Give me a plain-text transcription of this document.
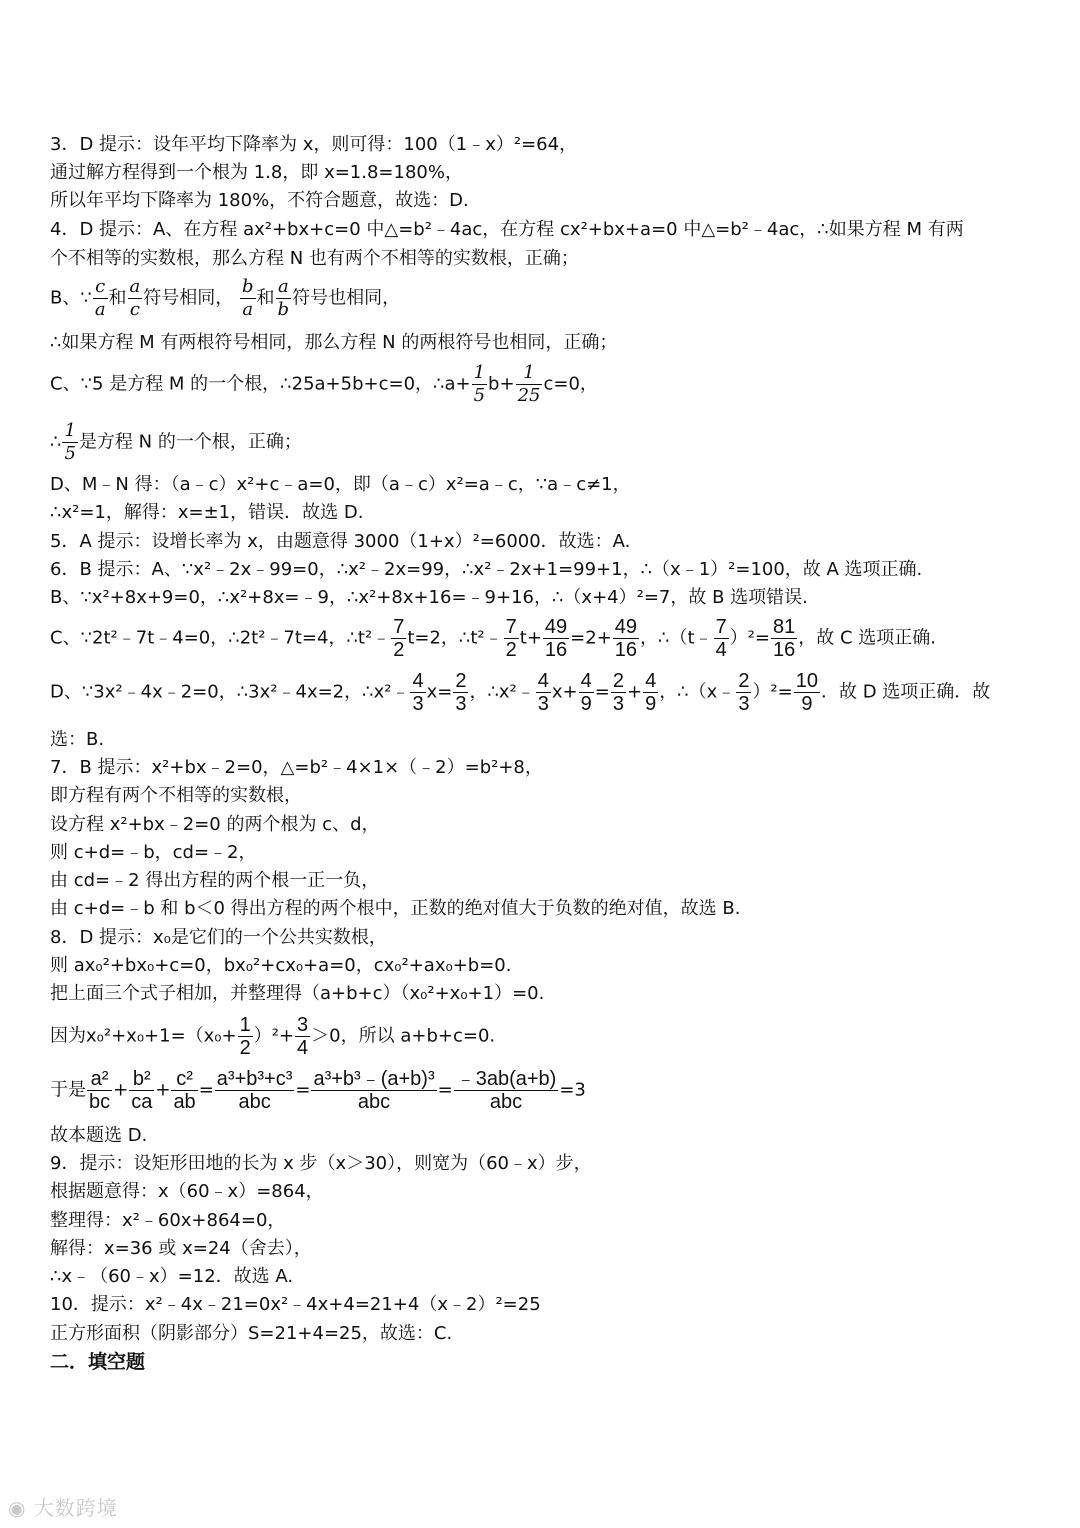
3．D 提示：设年平均下降率为 x，则可得：100（1﹣x）²=64，
通过解方程得到一个根为 1.8，即 x=1.8=180%，
所以年平均下降率为 180%，不符合题意，故选：D.
4．D 提示：A、在方程 ax²+bx+c=0 中△=b²﹣4ac，在方程 cx²+bx+a=0 中△=b²﹣4ac，∴如果方程 M 有两
个不相等的实数根，那么方程 N 也有两个不相等的实数根，正确；
B、∵ $\frac{c}{a}$ 和 $\frac{a}{c}$ 符号相同， $\frac{b}{a}$ 和 $\frac{a}{b}$ 符号也相同，
∴如果方程 M 有两根符号相同，那么方程 N 的两根符号也相同，正确；
C、∵5 是方程 M 的一个根，∴25a+5b+c=0，∴a+ $\frac{1}{5} b+ \frac{1}{25} c=0$，
∴ $\frac{1}{5}$ 是方程 N 的一个根，正确；
D、M﹣N 得：（a﹣c）x²+c﹣a=0，即（a﹣c）x²=a﹣c，∵a﹣c≠1，
∴x²=1，解得：x=±1，错误．故选 D.
5．A 提示：设增长率为 x，由题意得 3000（1+x）²=6000．故选：A.
6．B 提示：A、∵x²﹣2x﹣99=0，∴x²﹣2x=99，∴x²﹣2x+1=99+1，∴（x﹣1）²=100，故 A 选项正确.
B、∵x²+8x+9=0，∴x²+8x=﹣9，∴x²+8x+16=﹣9+16，∴（x+4）²=7，故 B 选项错误.
C、∵2t²﹣7t﹣4=0，∴2t²﹣7t=4，∴t²﹣ $\frac{7}{2} t=2$，∴t²﹣ $\frac{7}{2} t+ \frac{49}{16} =2+ \frac{49}{16}$ ，∴（t﹣ $\frac{7}{4} )^2= \frac{81}{16}$ ，故 C 选项正确.
D、∵3x²﹣4x﹣2=0，∴3x²﹣4x=2，∴x²﹣ $\frac{4}{3} x= \frac{2}{3}$ ，∴x²﹣ $\frac{4}{3} x+ \frac{4}{9} = \frac{2}{3} + \frac{4}{9}$ ，∴（x﹣ $\frac{2}{3} )^2= \frac{10}{9}$ ．故 D 选项正确．故
选：B.
7．B 提示：x²+bx﹣2=0，△=b²﹣4×1×（﹣2）=b²+8，
即方程有两个不相等的实数根，
设方程 x²+bx﹣2=0 的两个根为 c、d，
则 c+d=﹣b，cd=﹣2，
由 cd=﹣2 得出方程的两个根一正一负，
由 c+d=﹣b 和 b＜0 得出方程的两个根中，正数的绝对值大于负数的绝对值，故选 B.
8．D 提示：x₀是它们的一个公共实数根，
则 ax₀²+bx₀+c=0，bx₀²+cx₀+a=0，cx₀²+ax₀+b=0.
把上面三个式子相加，并整理得（a+b+c）（x₀²+x₀+1）=0.
因为$x_0^2+x_0+1=(x_0+ \frac{1}{2} )^2+ \frac{3}{4} >0$，所以 a+b+c=0.
于是 $\frac{\text{a²}}{bc} + \frac{\text{b²}}{ca} + \frac{\text{c²}}{ab} = \frac{\text{a³+b³+c³}}{\text{abc}} = \frac{\text{a³+b³﹣(a+b)³}}{\text{abc}} = \frac{﹣3ab(a+b)}{\text{abc}} =3$
故本题选 D.
9．提示：设矩形田地的长为 x 步（x＞30），则宽为（60﹣x）步，
根据题意得：x（60﹣x）=864，
整理得：x²﹣60x+864=0，
解得：x=36 或 x=24（舍去），
∴x﹣（60﹣x）=12．故选 A.
10．提示：x²﹣4x﹣21=0x²﹣4x+4=21+4（x﹣2）²=25
正方形面积（阴影部分）S=21+4=25，故选：C.
二．填空题
◉ 大数跨境
